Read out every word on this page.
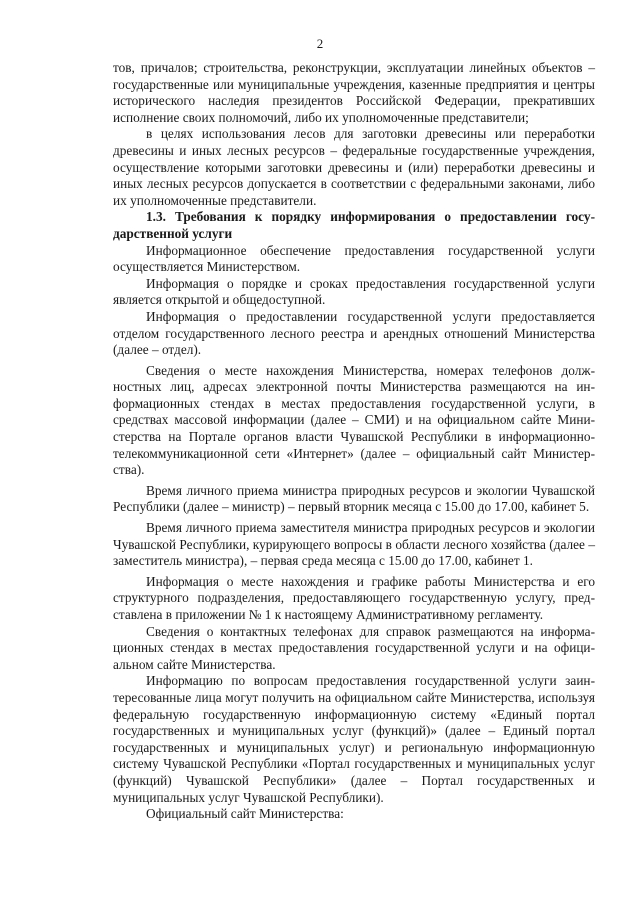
2

тов, причалов; строительства, реконструкции, эксплуатации линейных объектов – государственные или муниципальные учреждения, казенные предприятия и центры исторического наследия президентов Российской Федерации, прекративших исполнение своих полномочий, либо их уполномоченные представители;

в целях использования лесов для заготовки древесины или переработки древесины и иных лесных ресурсов – федеральные государственные учреждения, осуществление которыми заготовки древесины и (или) переработки древесины и иных лесных ресурсов допускается в соответствии с федеральными законами, либо их уполномоченные представители.

1.3. Требования к порядку информирования о предоставлении государственной услуги

Информационное обеспечение предоставления государственной услуги осуществляется Министерством.

Информация о порядке и сроках предоставления государственной услуги является открытой и общедоступной.

Информация о предоставлении государственной услуги предоставляется отделом государственного лесного реестра и арендных отношений Министерства (далее – отдел).

Сведения о месте нахождения Министерства, номерах телефонов должностных лиц, адресах электронной почты Министерства размещаются на информационных стендах в местах предоставления государственной услуги, в средствах массовой информации (далее – СМИ) и на официальном сайте Министерства на Портале органов власти Чувашской Республики в информационно-телекоммуникационной сети «Интернет» (далее – официальный сайт Министерства).

Время личного приема министра природных ресурсов и экологии Чувашской Республики (далее – министр) – первый вторник месяца с 15.00 до 17.00, кабинет 5.

Время личного приема заместителя министра природных ресурсов и экологии Чувашской Республики, курирующего вопросы в области лесного хозяйства (далее – заместитель министра), – первая среда месяца с 15.00 до 17.00, кабинет 1.

Информация о месте нахождения и графике работы Министерства и его структурного подразделения, предоставляющего государственную услугу, представлена в приложении № 1 к настоящему Административному регламенту.

Сведения о контактных телефонах для справок размещаются на информационных стендах в местах предоставления государственной услуги и на официальном сайте Министерства.

Информацию по вопросам предоставления государственной услуги заинтересованные лица могут получить на официальном сайте Министерства, используя федеральную государственную информационную систему «Единый портал государственных и муниципальных услуг (функций)» (далее – Единый портал государственных и муниципальных услуг) и региональную информационную систему Чувашской Республики «Портал государственных и муниципальных услуг (функций) Чувашской Республики» (далее – Портал государственных и муниципальных услуг Чувашской Республики).

Официальный сайт Министерства:
